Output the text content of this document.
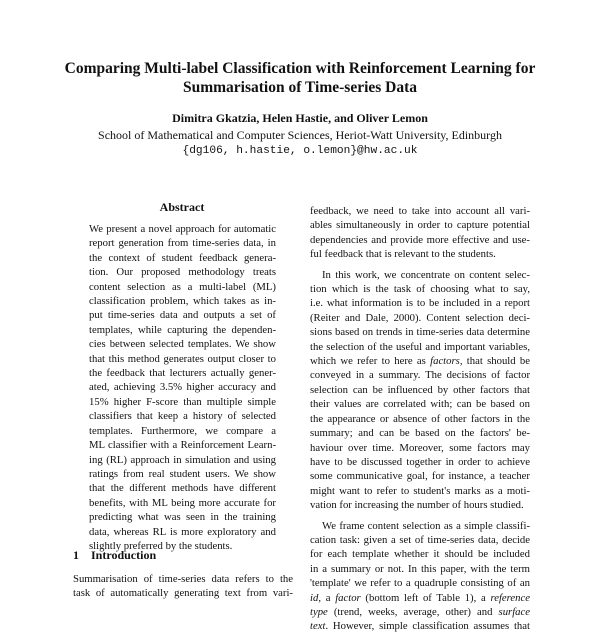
Comparing Multi-label Classification with Reinforcement Learning for
Summarisation of Time-series Data
Dimitra Gkatzia, Helen Hastie, and Oliver Lemon
School of Mathematical and Computer Sciences, Heriot-Watt University, Edinburgh
{dg106, h.hastie, o.lemon}@hw.ac.uk
Abstract
We present a novel approach for automatic
report generation from time-series data, in
the context of student feedback genera-
tion. Our proposed methodology treats
content selection as a multi-label (ML)
classification problem, which takes as in-
put time-series data and outputs a set of
templates, while capturing the dependen-
cies between selected templates. We show
that this method generates output closer to
the feedback that lecturers actually gener-
ated, achieving 3.5% higher accuracy and
15% higher F-score than multiple simple
classifiers that keep a history of selected
templates. Furthermore, we compare a
ML classifier with a Reinforcement Learn-
ing (RL) approach in simulation and using
ratings from real student users. We show
that the different methods have different
benefits, with ML being more accurate for
predicting what was seen in the training
data, whereas RL is more exploratory and
slightly preferred by the students.
1 Introduction
Summarisation of time-series data refers to the
task of automatically generating text from vari-
feedback, we need to take into account all vari-
ables simultaneously in order to capture potential
dependencies and provide more effective and use-
ful feedback that is relevant to the students.
In this work, we concentrate on content selec-
tion which is the task of choosing what to say,
i.e. what information is to be included in a report
(Reiter and Dale, 2000). Content selection deci-
sions based on trends in time-series data determine
the selection of the useful and important variables,
which we refer to here as factors, that should be
conveyed in a summary. The decisions of factor
selection can be influenced by other factors that
their values are correlated with; can be based on
the appearance or absence of other factors in the
summary; and can be based on the factors' be-
haviour over time. Moreover, some factors may
have to be discussed together in order to achieve
some communicative goal, for instance, a teacher
might want to refer to student's marks as a moti-
vation for increasing the number of hours studied.
We frame content selection as a simple classifi-
cation task: given a set of time-series data, decide
for each template whether it should be included
in a summary or not. In this paper, with the term
'template' we refer to a quadruple consisting of an
id, a factor (bottom left of Table 1), a reference
type (trend, weeks, average, other) and surface
text. However, simple classification assumes that
